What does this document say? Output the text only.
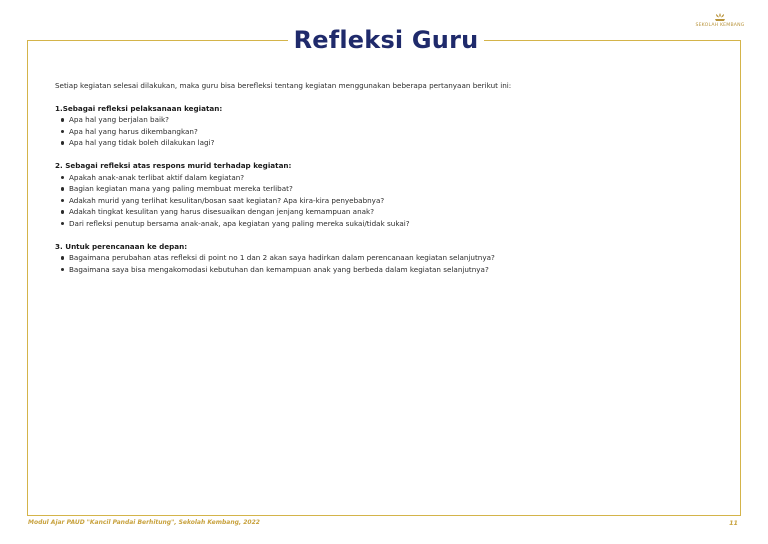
Refleksi Guru
SEKOLAH KEMBANG

Setiap kegiatan selesai dilakukan, maka guru bisa berefleksi tentang kegiatan menggunakan beberapa pertanyaan berikut ini:

1.Sebagai refleksi pelaksanaan kegiatan:

Apa hal yang berjalan baik?
Apa hal yang harus dikembangkan?
Apa hal yang tidak boleh dilakukan lagi?

2. Sebagai refleksi atas respons murid terhadap kegiatan:

Apakah anak-anak terlibat aktif dalam kegiatan?
Bagian kegiatan mana yang paling membuat mereka terlibat?
Adakah murid yang terlihat kesulitan/bosan saat kegiatan? Apa kira-kira penyebabnya?
Adakah tingkat kesulitan yang harus disesuaikan dengan jenjang kemampuan anak?
Dari refleksi penutup bersama anak-anak, apa kegiatan yang paling mereka sukai/tidak sukai?

3. Untuk perencanaan ke depan:

Bagaimana perubahan atas refleksi di point no 1 dan 2 akan saya hadirkan dalam perencanaan kegiatan selanjutnya?
Bagaimana saya bisa mengakomodasi kebutuhan dan kemampuan anak yang berbeda dalam kegiatan selanjutnya?
Modul Ajar PAUD "Kancil Pandai Berhitung", Sekolah Kembang, 2022	11
